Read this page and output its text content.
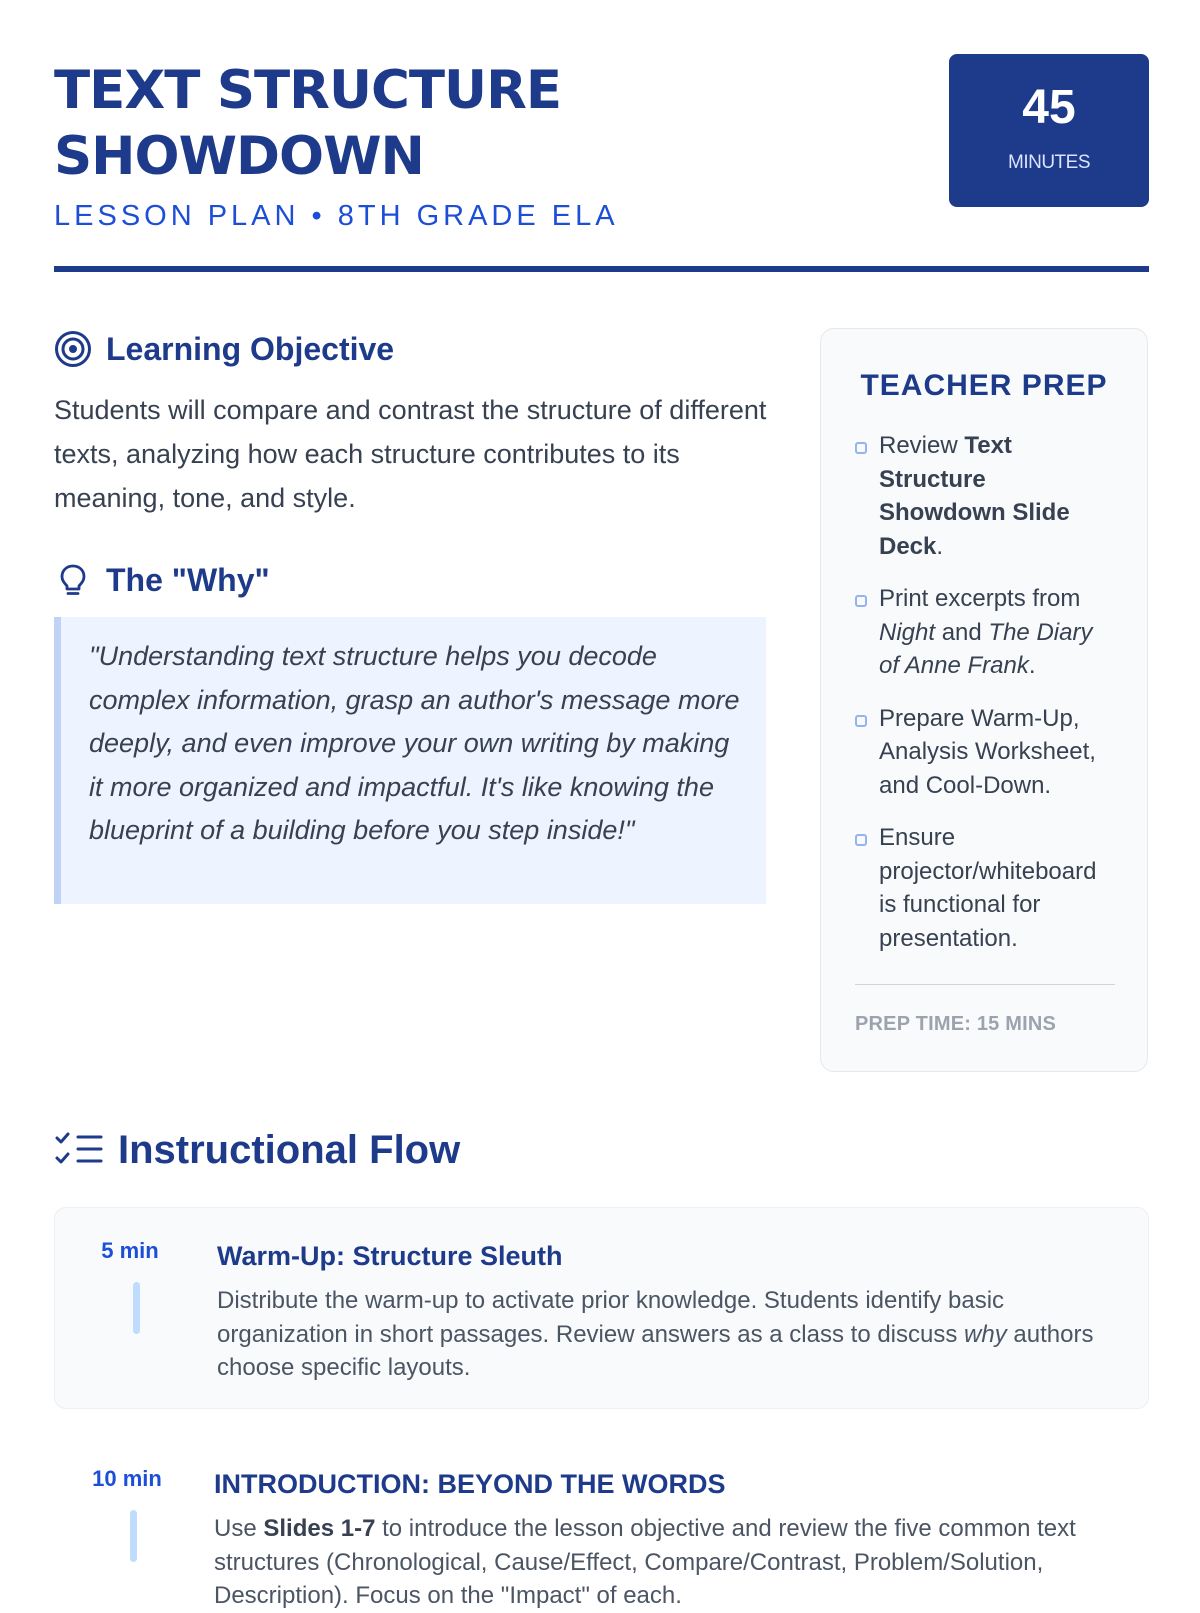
TEXT STRUCTURE
SHOWDOWN
LESSON PLAN • 8TH GRADE ELA
45
MINUTES
Learning Objective

Students will compare and contrast the structure of different texts, analyzing how each structure contributes to its meaning, tone, and style.

The "Why"
"Understanding text structure helps you decode complex information, grasp an author's message more deeply, and even improve your own writing by making it more organized and impactful. It's like knowing the blueprint of a building before you step inside!"
TEACHER PREP
Review Text Structure Showdown Slide Deck.
Print excerpts from Night and The Diary of Anne Frank.
Prepare Warm-Up, Analysis Worksheet, and Cool-Down.
Ensure projector/whiteboard is functional for presentation.
PREP TIME: 15 MINS
Instructional Flow
5 min	Warm-Up: Structure Sleuth

Distribute the warm-up to activate prior knowledge. Students identify basic organization in short passages. Review answers as a class to discuss why authors choose specific layouts.

10 min	INTRODUCTION: BEYOND THE WORDS

Use Slides 1-7 to introduce the lesson objective and review the five common text structures (Chronological, Cause/Effect, Compare/Contrast, Problem/Solution, Description). Focus on the "Impact" of each.
